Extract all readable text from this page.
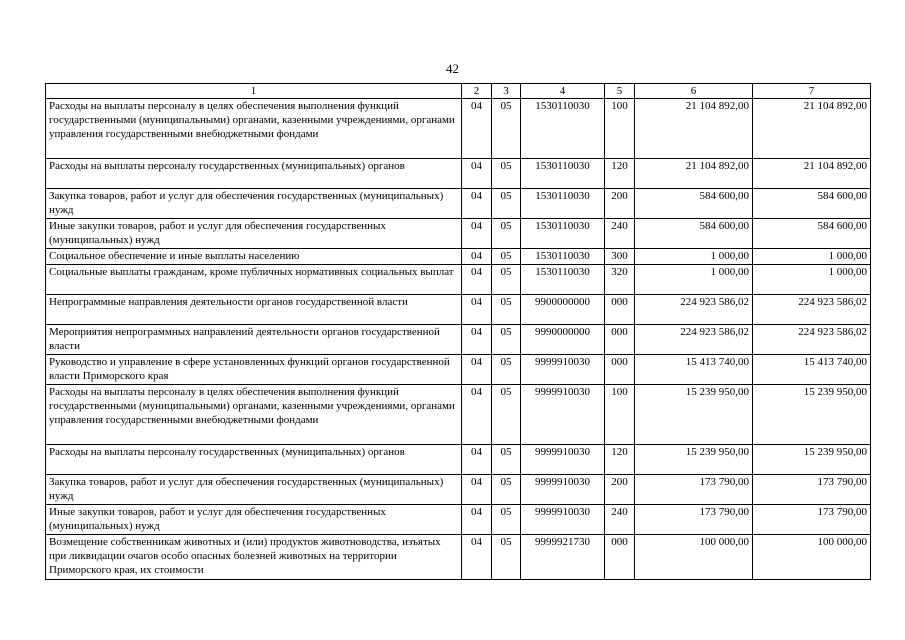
42
1	2	3	4	5	6	7
Расходы на выплаты персоналу в целях обеспечения выполнения функций государственными (муниципальными) органами, казенными учреждениями, органами управления государственными внебюджетными фондами	04	05	1530110030	100	21 104 892,00	21 104 892,00
Расходы на выплаты персоналу государственных (муниципальных) органов	04	05	1530110030	120	21 104 892,00	21 104 892,00
Закупка товаров, работ и услуг для обеспечения государственных (муниципальных) нужд	04	05	1530110030	200	584 600,00	584 600,00
Иные закупки товаров, работ и услуг для обеспечения государственных (муниципальных) нужд	04	05	1530110030	240	584 600,00	584 600,00
Социальное обеспечение и иные выплаты населению	04	05	1530110030	300	1 000,00	1 000,00
Социальные выплаты гражданам, кроме публичных нормативных социальных выплат	04	05	1530110030	320	1 000,00	1 000,00
Непрограммные направления деятельности органов государственной власти	04	05	9900000000	000	224 923 586,02	224 923 586,02
Мероприятия непрограммных направлений деятельности органов государственной власти	04	05	9990000000	000	224 923 586,02	224 923 586,02
Руководство и управление в сфере установленных функций органов государственной власти Приморского края	04	05	9999910030	000	15 413 740,00	15 413 740,00
Расходы на выплаты персоналу в целях обеспечения выполнения функций государственными (муниципальными) органами, казенными учреждениями, органами управления государственными внебюджетными фондами	04	05	9999910030	100	15 239 950,00	15 239 950,00
Расходы на выплаты персоналу государственных (муниципальных) органов	04	05	9999910030	120	15 239 950,00	15 239 950,00
Закупка товаров, работ и услуг для обеспечения государственных (муниципальных) нужд	04	05	9999910030	200	173 790,00	173 790,00
Иные закупки товаров, работ и услуг для обеспечения государственных (муниципальных) нужд	04	05	9999910030	240	173 790,00	173 790,00
Возмещение собственникам животных и (или) продуктов животноводства, изъятых при ликвидации очагов особо опасных болезней животных на территории Приморского края, их стоимости	04	05	9999921730	000	100 000,00	100 000,00
